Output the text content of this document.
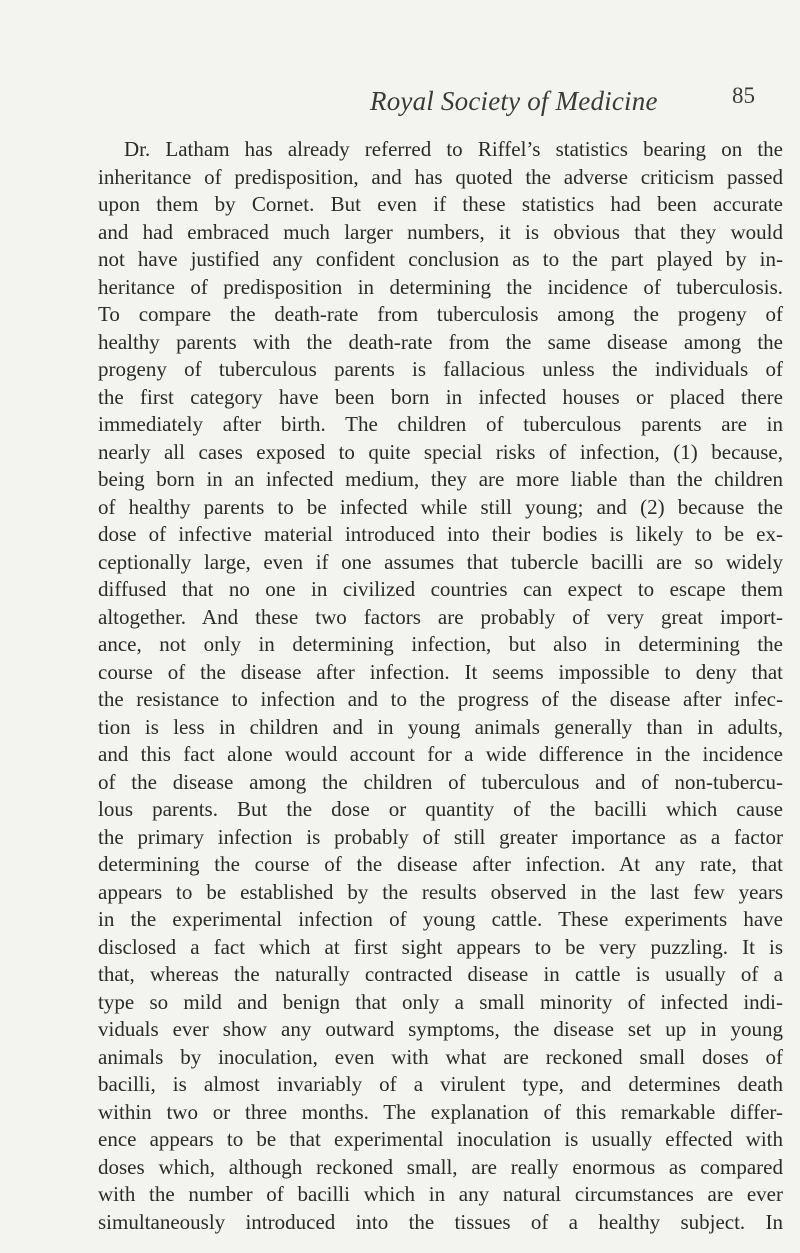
Royal Society of Medicine	85
Dr. Latham has already referred to Riffel’s statistics bearing on the
inheritance of predisposition, and has quoted the adverse criticism passed
upon them by Cornet. But even if these statistics had been accurate
and had embraced much larger numbers, it is obvious that they would
not have justified any confident conclusion as to the part played by in-
heritance of predisposition in determining the incidence of tuberculosis.
To compare the death-rate from tuberculosis among the progeny of
healthy parents with the death-rate from the same disease among the
progeny of tuberculous parents is fallacious unless the individuals of
the first category have been born in infected houses or placed there
immediately after birth. The children of tuberculous parents are in
nearly all cases exposed to quite special risks of infection, (1) because,
being born in an infected medium, they are more liable than the children
of healthy parents to be infected while still young; and (2) because the
dose of infective material introduced into their bodies is likely to be ex-
ceptionally large, even if one assumes that tubercle bacilli are so widely
diffused that no one in civilized countries can expect to escape them
altogether. And these two factors are probably of very great import-
ance, not only in determining infection, but also in determining the
course of the disease after infection. It seems impossible to deny that
the resistance to infection and to the progress of the disease after infec-
tion is less in children and in young animals generally than in adults,
and this fact alone would account for a wide difference in the incidence
of the disease among the children of tuberculous and of non-tubercu-
lous parents. But the dose or quantity of the bacilli which cause
the primary infection is probably of still greater importance as a factor
determining the course of the disease after infection. At any rate, that
appears to be established by the results observed in the last few years
in the experimental infection of young cattle. These experiments have
disclosed a fact which at first sight appears to be very puzzling. It is
that, whereas the naturally contracted disease in cattle is usually of a
type so mild and benign that only a small minority of infected indi-
viduals ever show any outward symptoms, the disease set up in young
animals by inoculation, even with what are reckoned small doses of
bacilli, is almost invariably of a virulent type, and determines death
within two or three months. The explanation of this remarkable differ-
ence appears to be that experimental inoculation is usually effected with
doses which, although reckoned small, are really enormous as compared
with the number of bacilli which in any natural circumstances are ever
simultaneously introduced into the tissues of a healthy subject. In
